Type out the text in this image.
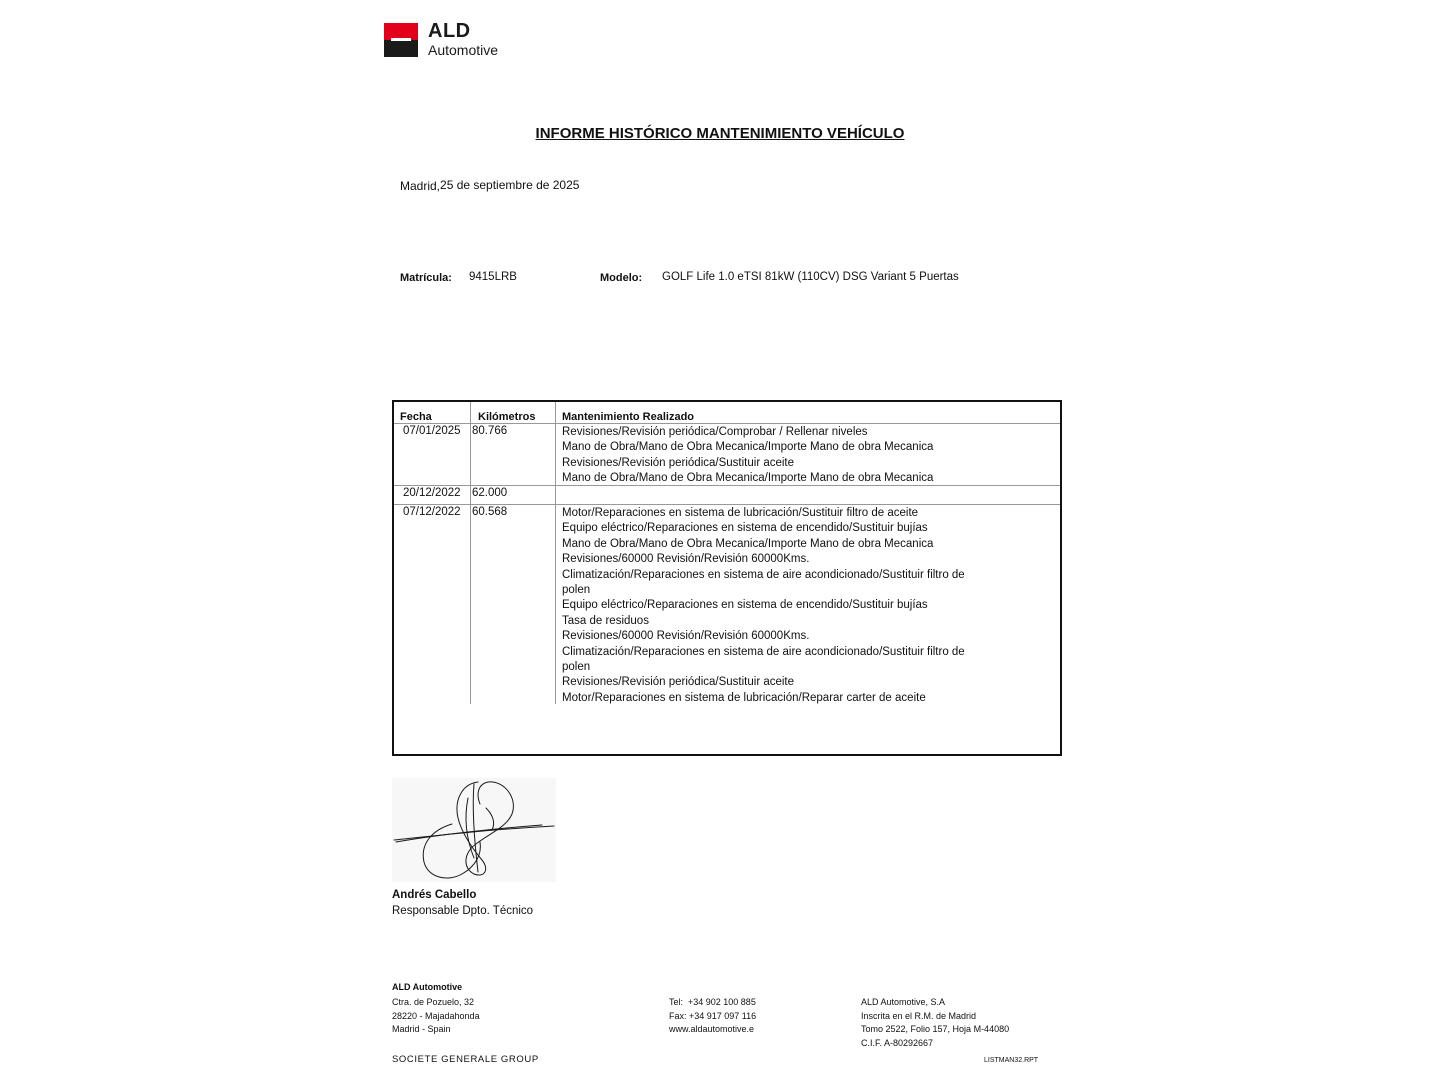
ALD
Automotive
INFORME HISTÓRICO MANTENIMIENTO VEHÍCULO
Madrid,25 de septiembre de 2025
Matrícula: 9415LRB	Modelo: GOLF Life 1.0 eTSI 81kW (110CV) DSG Variant 5 Puertas
Fecha	Kilómetros Mantenimiento Realizado
07/01/2025 80.766	Revisiones/Revisión periódica/Comprobar / Rellenar niveles
Mano de Obra/Mano de Obra Mecanica/Importe Mano de obra Mecanica
Revisiones/Revisión periódica/Sustituir aceite
Mano de Obra/Mano de Obra Mecanica/Importe Mano de obra Mecanica
20/12/2022 62.000
07/12/2022 60.568	Motor/Reparaciones en sistema de lubricación/Sustituir filtro de aceite
Equipo eléctrico/Reparaciones en sistema de encendido/Sustituir bujías
Mano de Obra/Mano de Obra Mecanica/Importe Mano de obra Mecanica
Revisiones/60000 Revisión/Revisión 60000Kms.
Climatización/Reparaciones en sistema de aire acondicionado/Sustituir filtro de
polen
Equipo eléctrico/Reparaciones en sistema de encendido/Sustituir bujías
Tasa de residuos
Revisiones/60000 Revisión/Revisión 60000Kms.
Climatización/Reparaciones en sistema de aire acondicionado/Sustituir filtro de
polen
Revisiones/Revisión periódica/Sustituir aceite
Motor/Reparaciones en sistema de lubricación/Reparar carter de aceite
Andrés Cabello
Responsable Dpto. Técnico
ALD Automotive
Ctra. de Pozuelo, 32
28220 - Majadahonda
Madrid - Spain
Tel:  +34 902 100 885
Fax: +34 917 097 116
www.aldautomotive.e
ALD Automotive, S.A
Inscrita en el R.M. de Madrid
Tomo 2522, Folio 157, Hoja M-44080
C.I.F. A-80292667
SOCIETE GENERALE GROUP	LISTMAN32.RPT
